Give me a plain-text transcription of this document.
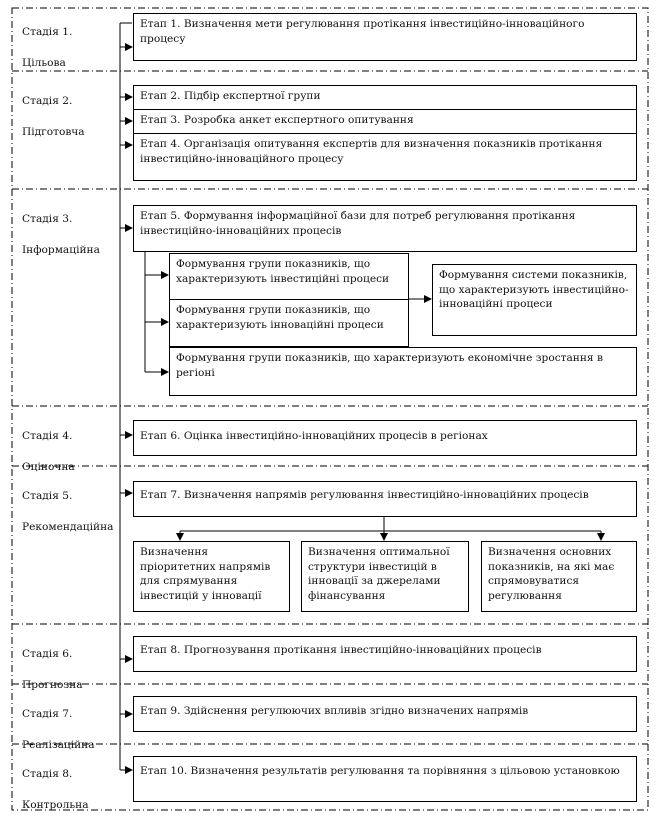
Стадія 1.

Цільова

Стадія 2.

Підготовча

Стадія 3.

Інформаційна

Стадія 4.

Оціночна

Стадія 5.

Рекомендаційна

Стадія 6.

Прогнозна

Стадія 7.

Реалізаційна

Стадія 8.

Контрольна

Етап 1. Визначення мети регулювання протікання інвестиційно-інноваційного процесу
Етап 2. Підбір експертної групи
Етап 3. Розробка анкет експертного опитування
Етап 4. Організація опитування експертів для визначення показників протікання інвестиційно-інноваційного процесу
Етап 5. Формування інформаційної бази для потреб регулювання протікання інвестиційно-інноваційних процесів
Формування групи показників, що характеризують інвестиційні процеси
Формування групи показників, що характеризують інноваційні процеси
Формування системи показників, що характеризують інвестиційно-інноваційні процеси
Формування групи показників, що характеризують економічне зростання в регіоні
Етап 6. Оцінка інвестиційно-інноваційних процесів в регіонах
Етап 7. Визначення напрямів регулювання інвестиційно-інноваційних процесів
Визначення пріоритетних напрямів для спрямування інвестицій у інновації
Визначення оптимальної структури інвестицій в інновації за джерелами фінансування
Визначення основних показників, на які має спрямовуватися регулювання
Етап 8. Прогнозування протікання інвестиційно-інноваційних процесів
Етап 9. Здійснення регулюючих впливів згідно визначених напрямів
Етап 10. Визначення результатів регулювання та порівняння з цільовою установкою
